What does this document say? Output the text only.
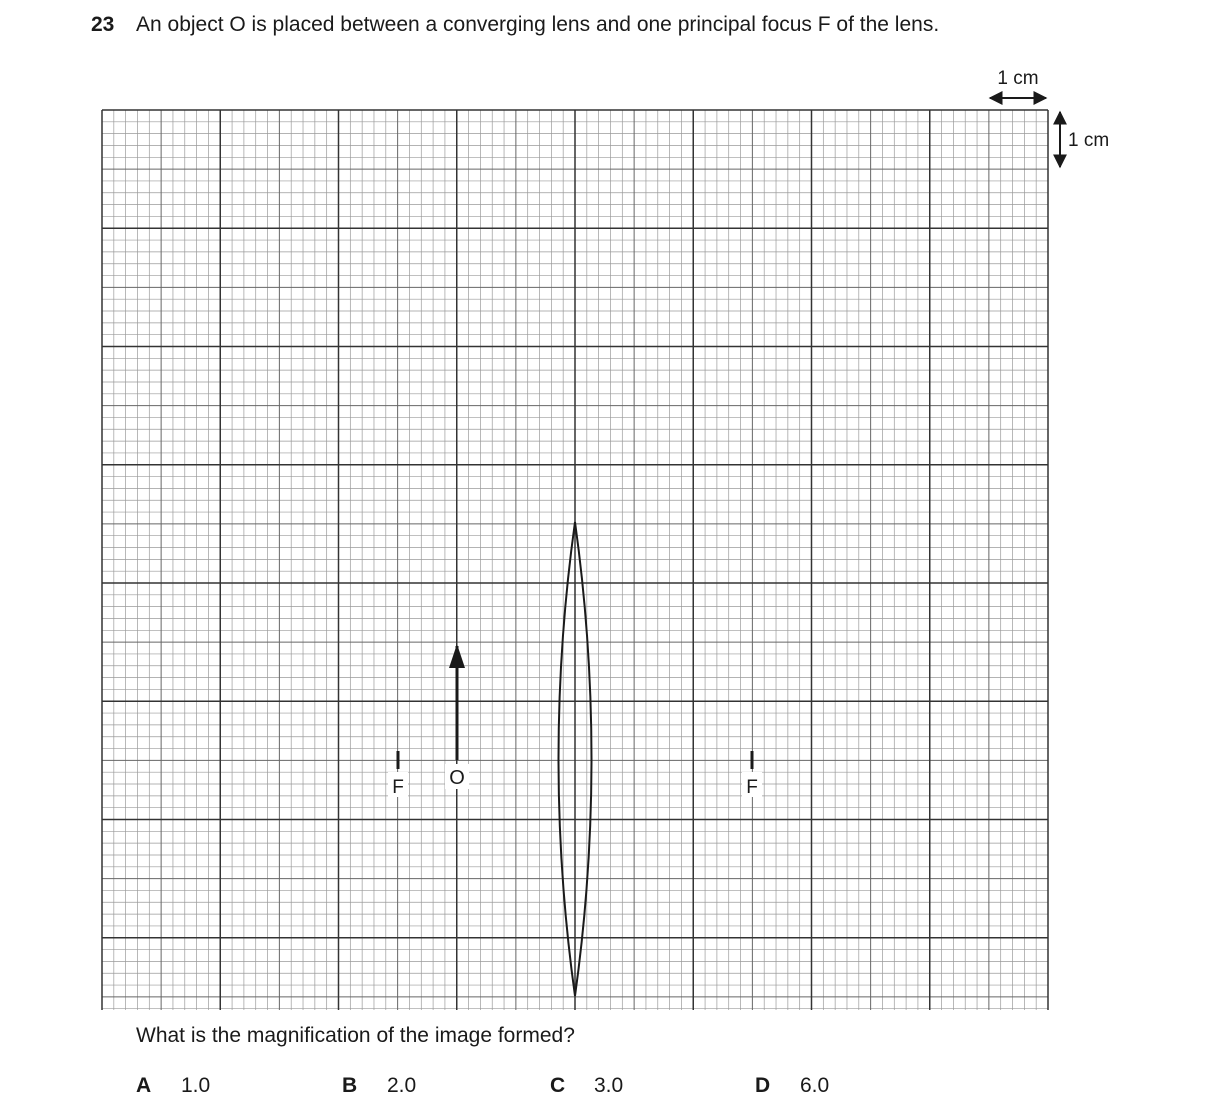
23 An object O is placed between a converging lens and one principal focus F of the lens.
1 cm
1 cm
F O	F
What is the magnification of the image formed?
A 1.0	B 2.0	C 3.0	D 6.0
